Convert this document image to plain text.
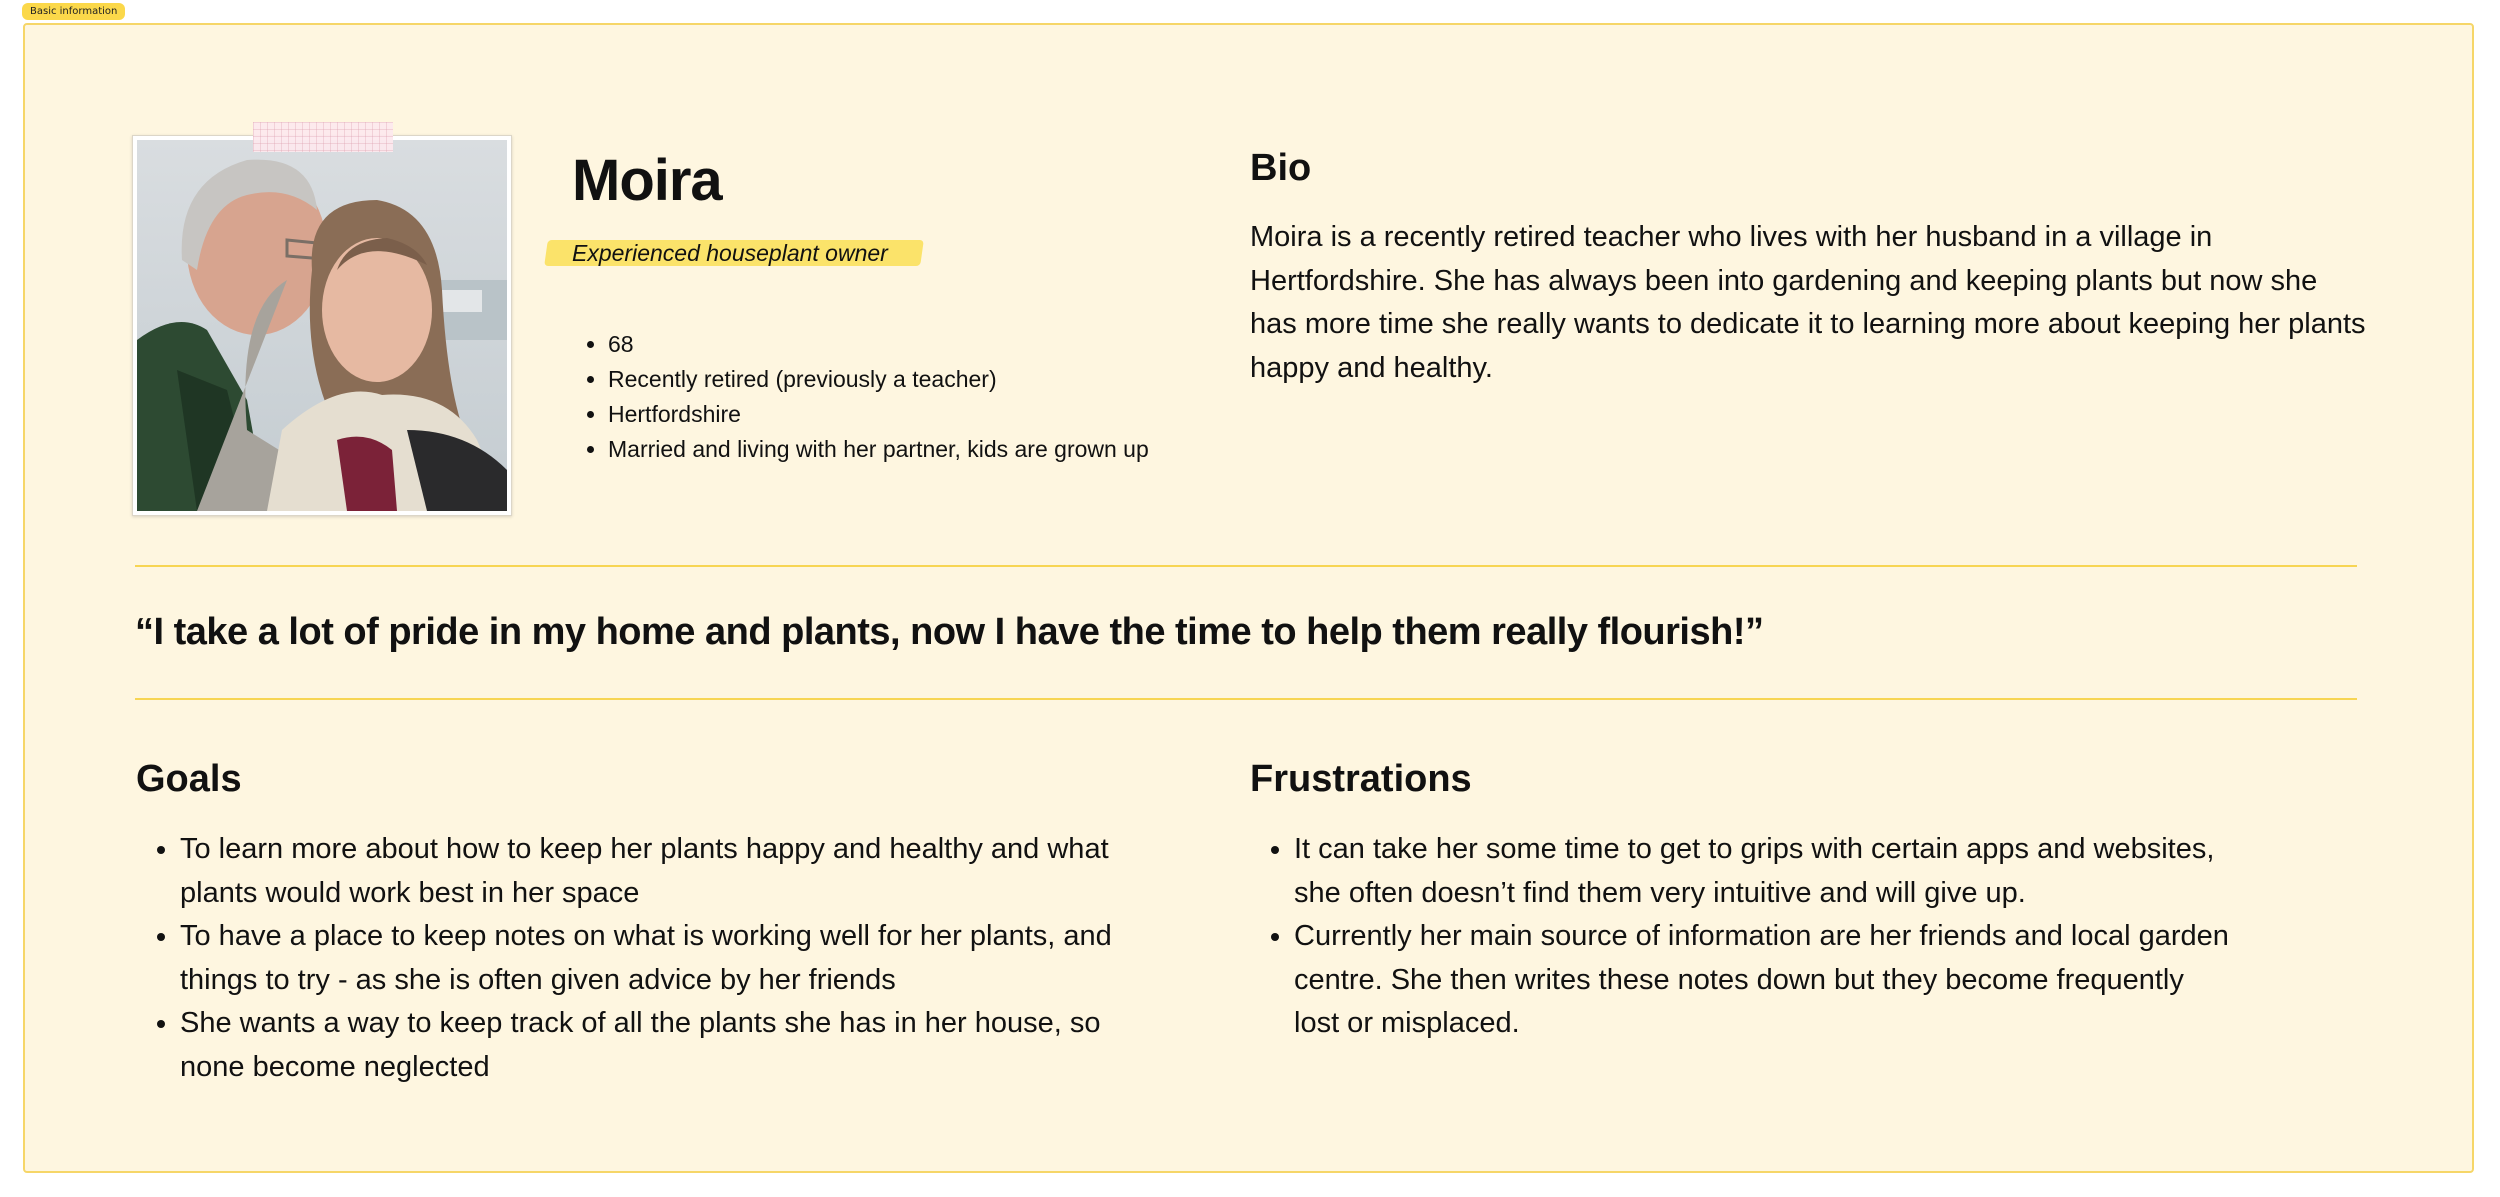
Basic information
Moira
Experienced houseplant owner
• 68
• Recently retired (previously a teacher)
• Hertfordshire
• Married and living with her partner, kids are grown up
Bio

Moira is a recently retired teacher who lives with her husband in a village in Hertfordshire. She has always been into gardening and keeping plants but now she has more time she really wants to dedicate it to learning more about keeping her plants happy and healthy.

“I take a lot of pride in my home and plants, now I have the time to help them really flourish!”

Goals
• To learn more about how to keep her plants happy and healthy and what plants would work best in her space
• To have a place to keep notes on what is working well for her plants, and things to try - as she is often given advice by her friends
• She wants a way to keep track of all the plants she has in her house, so none become neglected
Frustrations
• It can take her some time to get to grips with certain apps and websites, she often doesn’t find them very intuitive and will give up.
• Currently her main source of information are her friends and local garden centre. She then writes these notes down but they become frequently lost or misplaced.
